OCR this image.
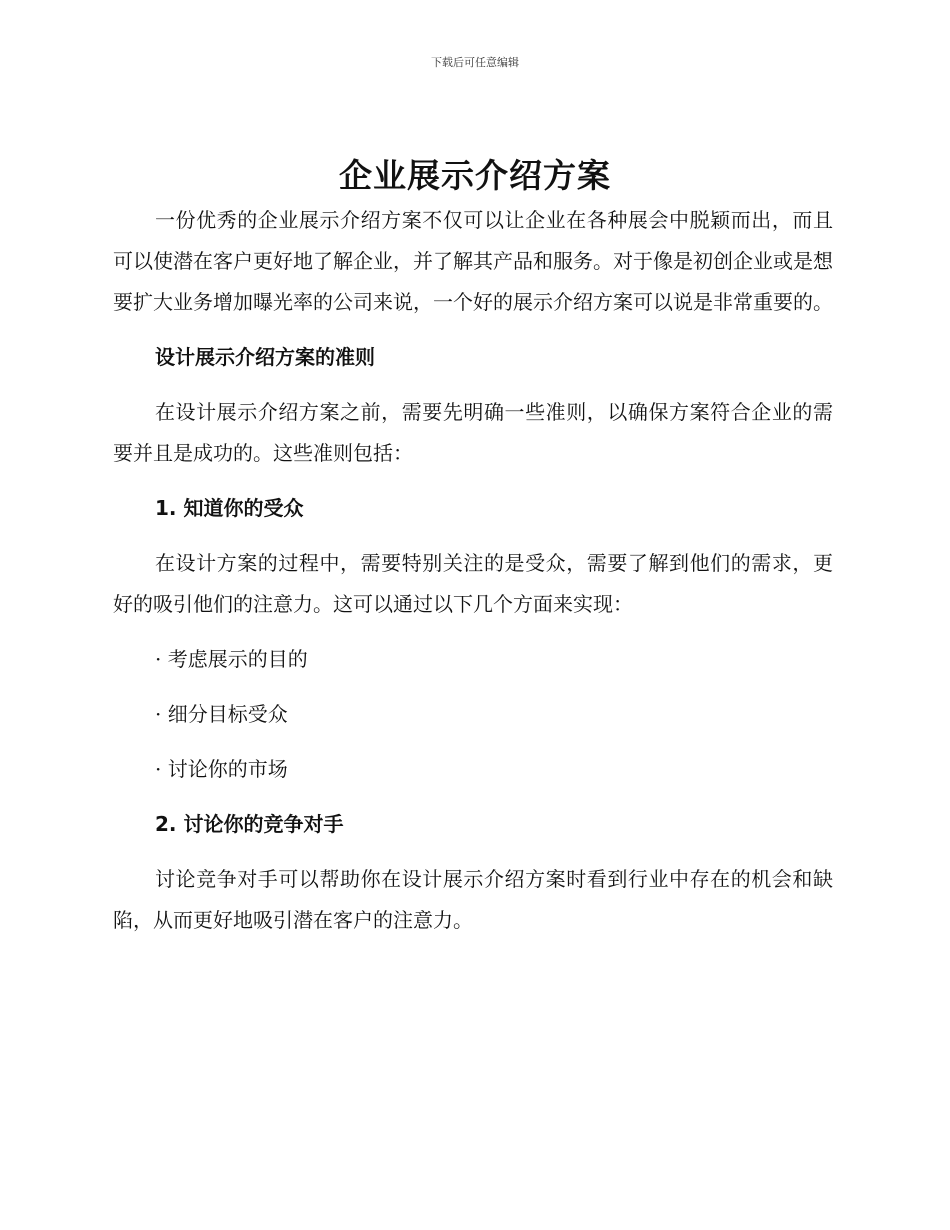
下载后可任意编辑
企业展示介绍方案

一份优秀的企业展示介绍方案不仅可以让企业在各种展会中脱颖而出，而且可以使潜在客户更好地了解企业，并了解其产品和服务。对于像是初创企业或是想要扩大业务增加曝光率的公司来说，一个好的展示介绍方案可以说是非常重要的。

设计展示介绍方案的准则

在设计展示介绍方案之前，需要先明确一些准则，以确保方案符合企业的需要并且是成功的。这些准则包括：

1. 知道你的受众

在设计方案的过程中，需要特别关注的是受众，需要了解到他们的需求，更好的吸引他们的注意力。这可以通过以下几个方面来实现：

· 考虑展示的目的
· 细分目标受众
· 讨论你的市场
2. 讨论你的竞争对手

讨论竞争对手可以帮助你在设计展示介绍方案时看到行业中存在的机会和缺陷，从而更好地吸引潜在客户的注意力。
